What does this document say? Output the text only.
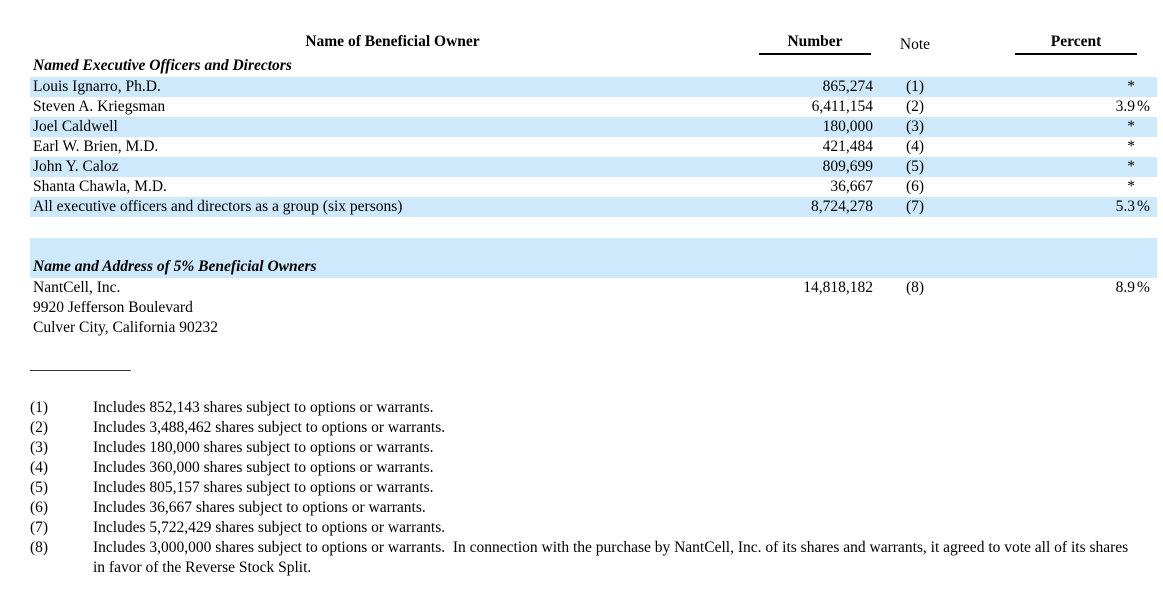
Name of Beneficial Owner	Number	Note	Percent
Named Executive Officers and Directors
Louis Ignarro, Ph.D.	865,274	(1)	*
Steven A. Kriegsman	6,411,154	(2)	3.9 %
Joel Caldwell	180,000	(3)	*
Earl W. Brien, M.D.	421,484	(4)	*
John Y. Caloz	809,699	(5)	*
Shanta Chawla, M.D.	36,667	(6)	*
All executive officers and directors as a group (six persons)	8,724,278	(7)	5.3 %
Name and Address of 5% Beneficial Owners
NantCell, Inc.	14,818,182	(8)	8.9 %
9920 Jefferson Boulevard
Culver City, California 90232
_____________
(1)	Includes 852,143 shares subject to options or warrants.
(2)	Includes 3,488,462 shares subject to options or warrants.
(3)	Includes 180,000 shares subject to options or warrants.
(4)	Includes 360,000 shares subject to options or warrants.
(5)	Includes 805,157 shares subject to options or warrants.
(6)	Includes 36,667 shares subject to options or warrants.
(7)	Includes 5,722,429 shares subject to options or warrants.
(8)	Includes 3,000,000 shares subject to options or warrants.  In connection with the purchase by NantCell, Inc. of its shares and warrants, it agreed to vote all of its shares in favor of the Reverse Stock Split.
